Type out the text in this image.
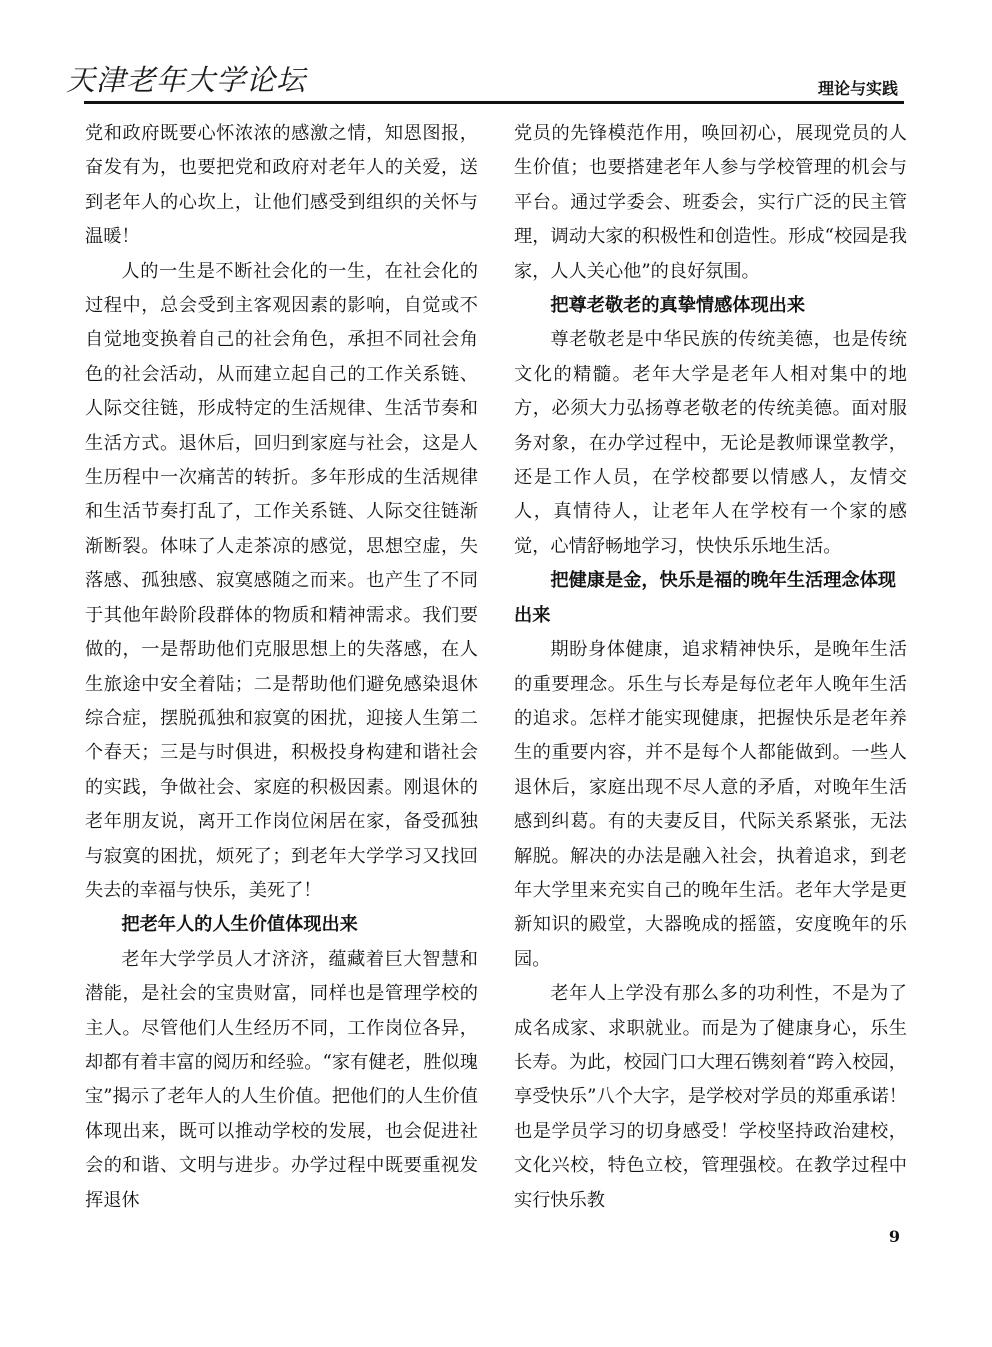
天津老年大学论坛	理论与实践

党和政府既要心怀浓浓的感激之情，知恩图报，奋发有为，也要把党和政府对老年人的关爱，送到老年人的心坎上，让他们感受到组织的关怀与温暖！

人的一生是不断社会化的一生，在社会化的过程中，总会受到主客观因素的影响，自觉或不自觉地变换着自己的社会角色，承担不同社会角色的社会活动，从而建立起自己的工作关系链、人际交往链，形成特定的生活规律、生活节奏和生活方式。退休后，回归到家庭与社会，这是人生历程中一次痛苦的转折。多年形成的生活规律和生活节奏打乱了，工作关系链、人际交往链渐渐断裂。体味了人走茶凉的感觉，思想空虚，失落感、孤独感、寂寞感随之而来。也产生了不同于其他年龄阶段群体的物质和精神需求。我们要做的，一是帮助他们克服思想上的失落感，在人生旅途中安全着陆；二是帮助他们避免感染退休综合症，摆脱孤独和寂寞的困扰，迎接人生第二个春天；三是与时俱进，积极投身构建和谐社会的实践，争做社会、家庭的积极因素。刚退休的老年朋友说，离开工作岗位闲居在家，备受孤独与寂寞的困扰，烦死了；到老年大学学习又找回失去的幸福与快乐，美死了！

把老年人的人生价值体现出来

老年大学学员人才济济，蕴藏着巨大智慧和潜能，是社会的宝贵财富，同样也是管理学校的主人。尽管他们人生经历不同，工作岗位各异，却都有着丰富的阅历和经验。“家有健老，胜似瑰宝”揭示了老年人的人生价值。把他们的人生价值体现出来，既可以推动学校的发展，也会促进社会的和谐、文明与进步。办学过程中既要重视发挥退休

党员的先锋模范作用，唤回初心，展现党员的人生价值；也要搭建老年人参与学校管理的机会与平台。通过学委会、班委会，实行广泛的民主管理，调动大家的积极性和创造性。形成“校园是我家，人人关心他”的良好氛围。

把尊老敬老的真挚情感体现出来

尊老敬老是中华民族的传统美德，也是传统文化的精髓。老年大学是老年人相对集中的地方，必须大力弘扬尊老敬老的传统美德。面对服务对象，在办学过程中，无论是教师课堂教学，还是工作人员，在学校都要以情感人，友情交人，真情待人，让老年人在学校有一个家的感觉，心情舒畅地学习，快快乐乐地生活。

把健康是金，快乐是福的晚年生活理念体现出来

期盼身体健康，追求精神快乐，是晚年生活的重要理念。乐生与长寿是每位老年人晚年生活的追求。怎样才能实现健康，把握快乐是老年养生的重要内容，并不是每个人都能做到。一些人退休后，家庭出现不尽人意的矛盾，对晚年生活感到纠葛。有的夫妻反目，代际关系紧张，无法解脱。解决的办法是融入社会，执着追求，到老年大学里来充实自己的晚年生活。老年大学是更新知识的殿堂，大器晚成的摇篮，安度晚年的乐园。

老年人上学没有那么多的功利性，不是为了成名成家、求职就业。而是为了健康身心，乐生长寿。为此，校园门口大理石镌刻着“跨入校园，享受快乐”八个大字，是学校对学员的郑重承诺！也是学员学习的切身感受！学校坚持政治建校，文化兴校，特色立校，管理强校。在教学过程中实行快乐教

9
